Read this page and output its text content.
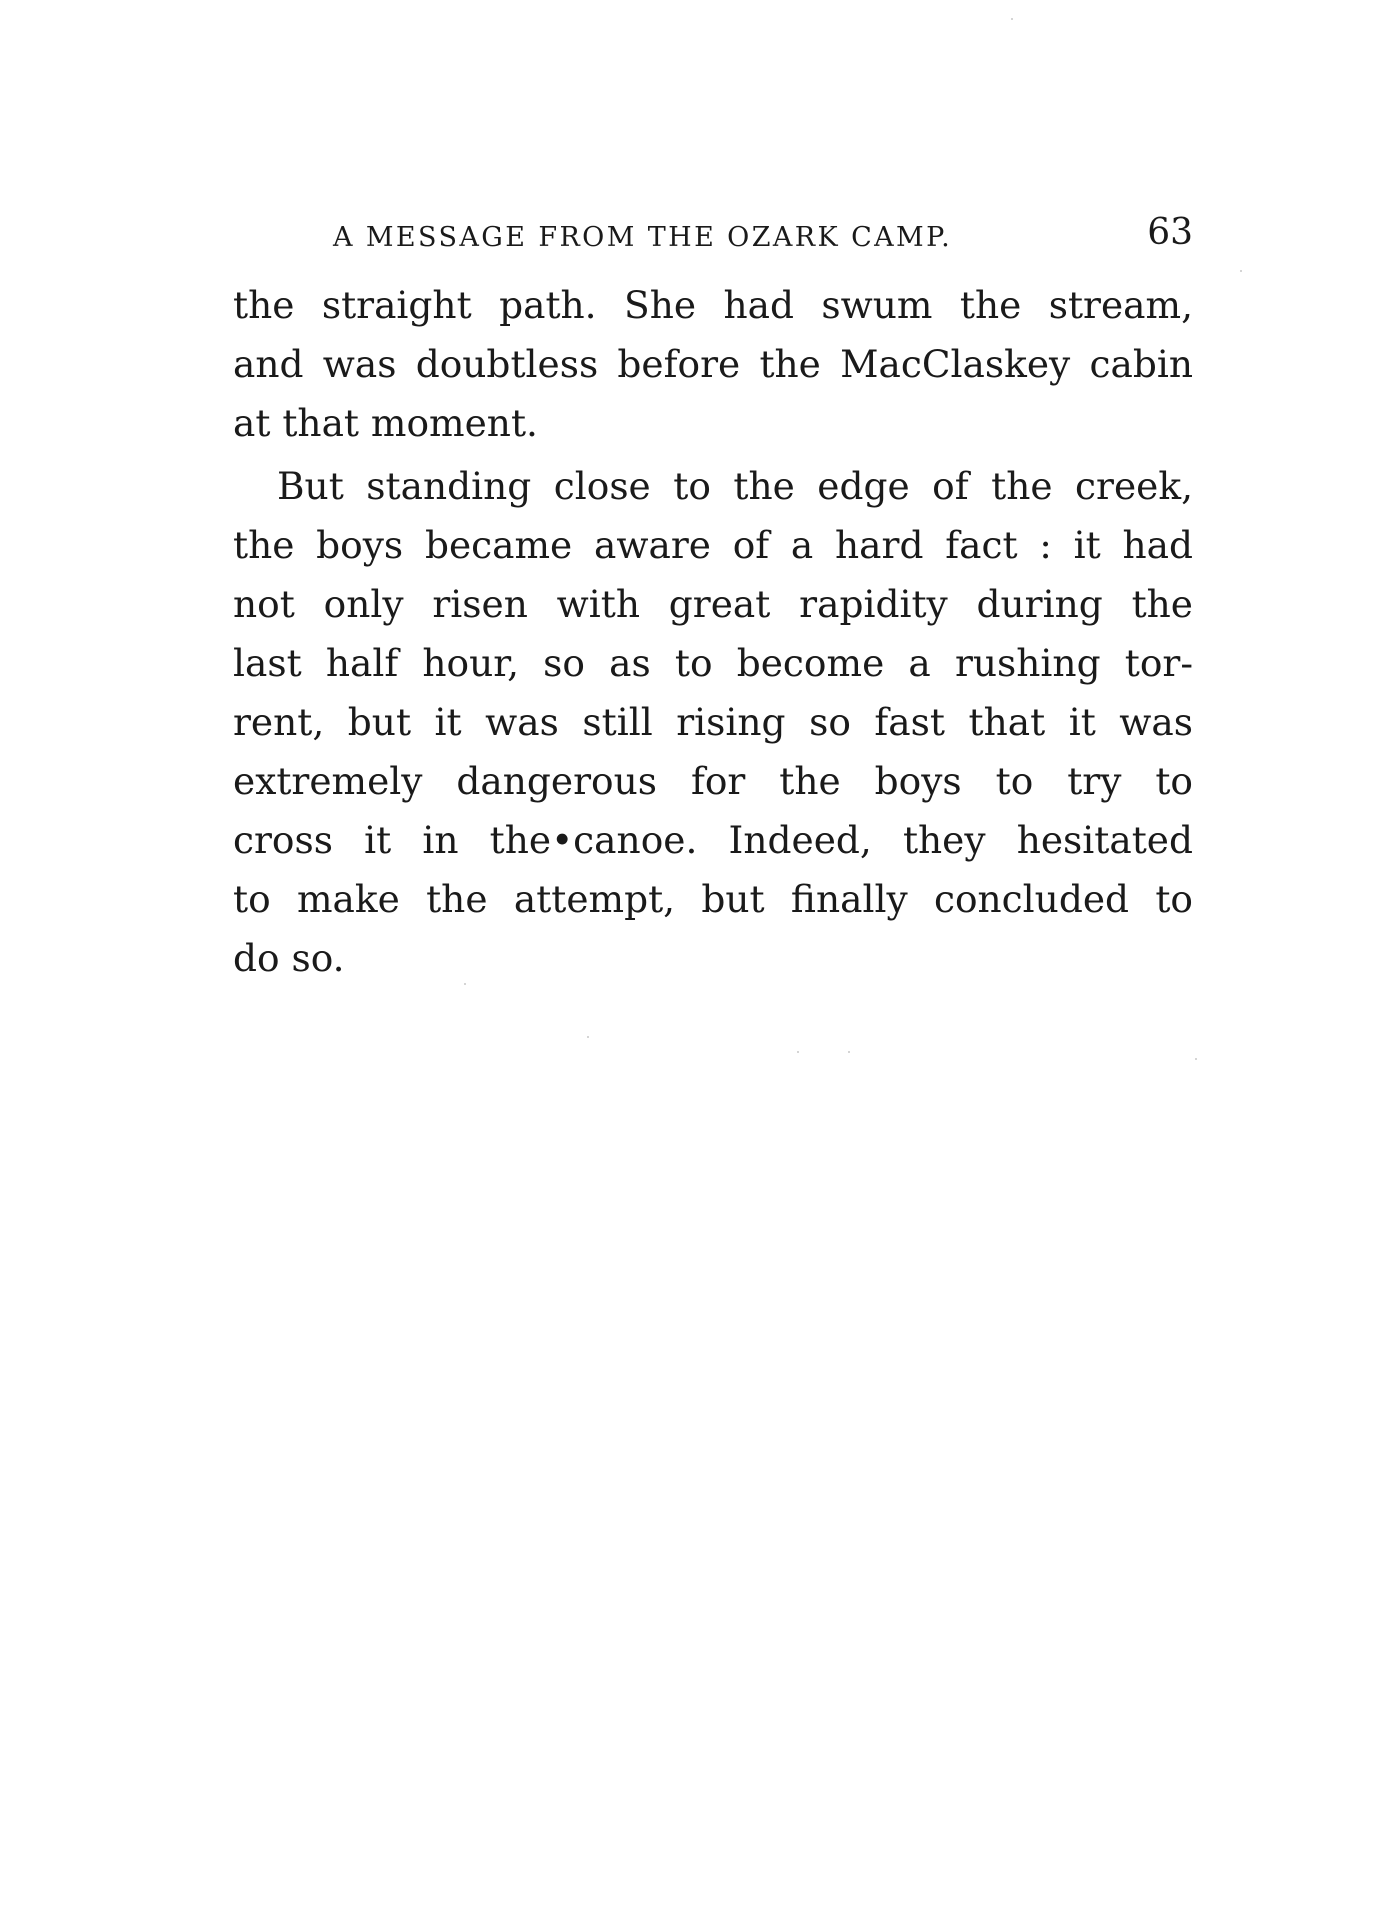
A MESSAGE FROM THE OZARK CAMP.	63
the straight path. She had swum the stream,
and was doubtless before the MacClaskey cabin
at that moment.
But standing close to the edge of the creek,
the boys became aware of a hard fact : it had
not only risen with great rapidity during the
last half hour, so as to become a rushing tor-
rent, but it was still rising so fast that it was
extremely dangerous for the boys to try to
cross it in the•canoe. Indeed, they hesitated
to make the attempt, but finally concluded to
do so.
